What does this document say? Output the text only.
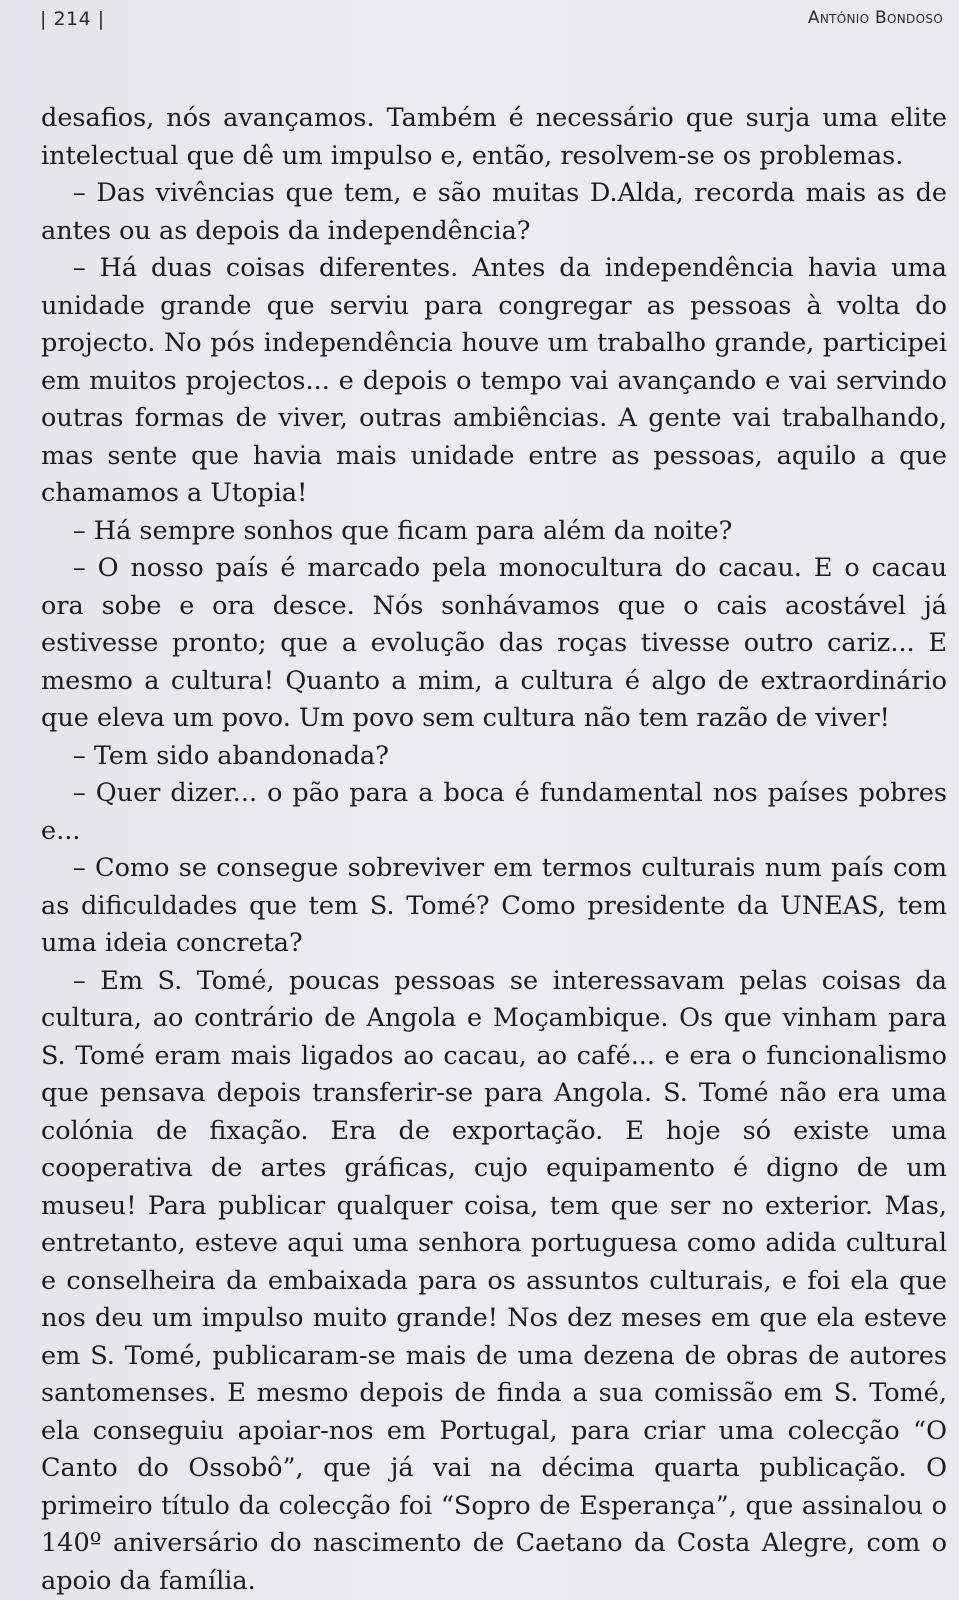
| 214 |	António Bondoso

desafios, nós avançamos. Também é necessário que surja uma elite intelectual que dê um impulso e, então, resolvem-se os problemas.

– Das vivências que tem, e são muitas D.Alda, recorda mais as de antes ou as depois da independência?

– Há duas coisas diferentes. Antes da independência havia uma unidade grande que serviu para congregar as pessoas à volta do projecto. No pós independência houve um trabalho grande, participei em muitos projectos... e depois o tempo vai avançando e vai servindo outras formas de viver, outras ambiências. A gente vai trabalhando, mas sente que havia mais unidade entre as pessoas, aquilo a que chamamos a Utopia!

– Há sempre sonhos que ficam para além da noite?

– O nosso país é marcado pela monocultura do cacau. E o cacau ora sobe e ora desce. Nós sonhávamos que o cais acostável já estivesse pronto; que a evolução das roças tivesse outro cariz... E mesmo a cultura! Quanto a mim, a cultura é algo de extraordinário que eleva um povo. Um povo sem cultura não tem razão de viver!

– Tem sido abandonada?

– Quer dizer... o pão para a boca é fundamental nos países pobres e...

– Como se consegue sobreviver em termos culturais num país com as dificuldades que tem S. Tomé? Como presidente da UNEAS, tem uma ideia concreta?

– Em S. Tomé, poucas pessoas se interessavam pelas coisas da cultura, ao contrário de Angola e Moçambique. Os que vinham para S. Tomé eram mais ligados ao cacau, ao café... e era o funcionalismo que pensava depois transferir-se para Angola. S. Tomé não era uma colónia de fixação. Era de exportação. E hoje só existe uma cooperativa de artes gráficas, cujo equipamento é digno de um museu! Para publicar qualquer coisa, tem que ser no exterior. Mas, entretanto, esteve aqui uma senhora portuguesa como adida cultural e conselheira da embaixada para os assuntos culturais, e foi ela que nos deu um impulso muito grande! Nos dez meses em que ela esteve em S. Tomé, publicaram-se mais de uma dezena de obras de autores santomenses. E mesmo depois de finda a sua comissão em S. Tomé, ela conseguiu apoiar-nos em Portugal, para criar uma colecção “O Canto do Ossobô”, que já vai na décima quarta publicação. O primeiro título da colecção foi “Sopro de Esperança”, que assinalou o 140º aniversário do nascimento de Caetano da Costa Alegre, com o apoio da família.
